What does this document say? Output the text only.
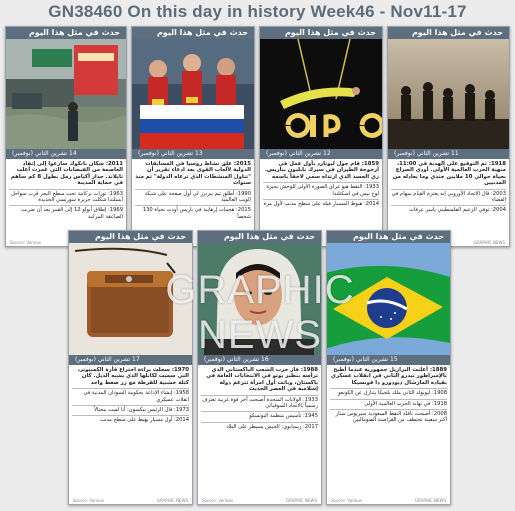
GN38460 On this day in history Week46 - Nov11-17
حدث في مثل هذا اليوم
14 تشرين الثاني (نوفمبر)
2011: سكان بانكوك سارعوا إلى إنقاذ العاصمة من الفيضانات التي غمرت أغلب تايلاند. جدار أكياس رمل بطول 8 كم ساهم في حماية المدينة
1963: ثورات بركانية تحت سطح البحر قرب سواحل أيسلندا شكلت جزيرة سورتسي الجديدة
1969: إطلاق أبولو 12 إلى القمر بعد أن ضربت الصاعقة المركبة
Source: Various
حدث في مثل هذا اليوم
13 تشرين الثاني (نوفمبر)
2015: علق نشاط روسيا في المسابقات الدولية لألعاب القوى بعد ادعاء تقرير أن "تناول المنشطات الذي ترعاه الدولة" تم منذ سنوات
1990: أطلق تيم بيرنرز لي أول صفحة على شبكة الويب العالمية
2015: هجمات إرهابية في باريس أودت بحياة 130 شخصاً
حدث في مثل هذا اليوم
12 تشرين الثاني (نوفمبر)
1859: قام جول ليوتارد بأول عمل في أرجوحة الطيران في سيرك نابليون بباريس. زي الجسد الذي ارتداه سمي لاحقاً باسمه
1933: التقط هيو غراي الصورة الأولى للوحش بحيرة لوخ نيس في اسكتلندا
2014: هبوط المسبار فيلة على سطح مذنب لأول مرة
حدث في مثل هذا اليوم
11 تشرين الثاني (نوفمبر)
1918: تم التوقيع على الهدنة في 11:00، منهية الحرب العالمية الأولى. أودى الصراع بحياة حوالي 10 ملايين جندي وما يعادله من المدنيين
2003: قال الاتحاد الأوروبي إنه يعتزم القيام بمهام في الفضاء
2004: توفي الزعيم الفلسطيني ياسر عرفات
GRAPHIC NEWS
حدث في مثل هذا اليوم
17 تشرين الثاني (نوفمبر)
1970: سجلت براءة اختراع فأرة الكمبيوتر، التي سميت لكابلها الذي يشبه الذيل. كان كتلة خشبية للقرطة مع زر ضغط واحد
1958: إنشاء الإذاعة بحكومة السودان المدنية في انقلاب عسكري
1973: قال الرئيس نيكسون: أنا لست محتالاً
2014: أول مسبار يهبط على سطح مذنب
Source: Various	GRAPHIC NEWS
حدث في مثل هذا اليوم
16 تشرين الثاني (نوفمبر)
1988: فاز حزب الشعب الباكستاني الذي ترأسه بنظير بوتو في الانتخابات العامة في باكستان، وباتت أول امرأة تتزعم دولة إسلامية في العصر الحديث
1933: الولايات المتحدة أصبحت آخر قوة غربية تعترف رسمياً بالاتحاد السوفياتي
1945: تأسيس منظمة اليونسكو
2017: زيمبابوي: الجيش يسيطر على البلاد
Source: Various	GRAPHIC NEWS
حدث في مثل هذا اليوم
15 تشرين الثاني (نوفمبر)
1889: أعلنت البرازيل جمهورية عندما أطيح بالإمبراطور بيدرو الثاني في انقلاب عسكري بقيادة المارشال ديودورو دا فونسيكا
1908: ليوبولد الثاني ملك بلجيكا يتنازل عن الكونغو
1918: في نهاية الحرب العالمية الأولى
2008: أصبحت ناقلة النفط السعودية سيريوس ستار أكبر سفينة تختطف من القراصنة الصوماليين
Source: Various	GRAPHIC NEWS
GRAPHIC NEWS
